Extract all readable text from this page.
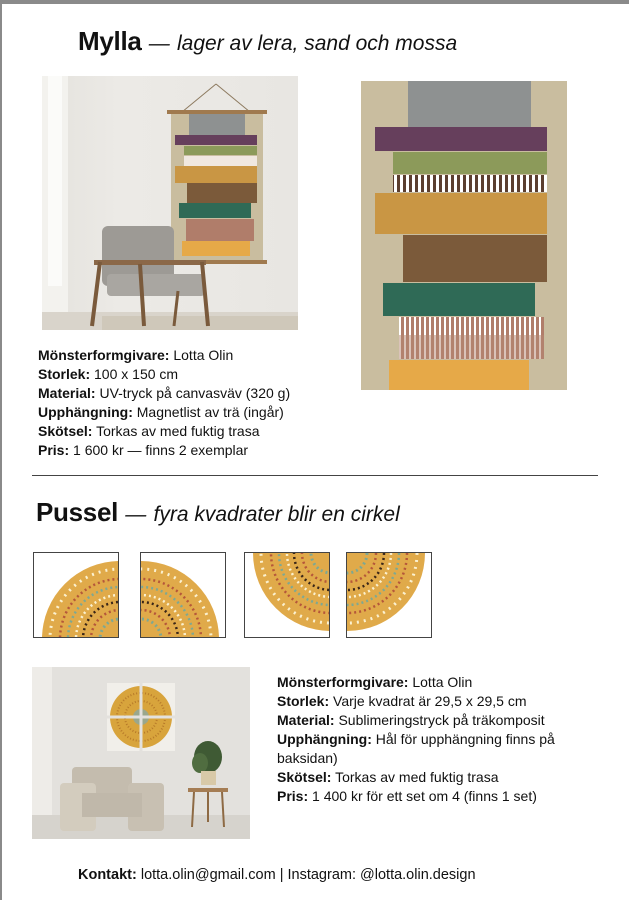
Mylla — lager av lera, sand och mossa
Mönsterformgivare: Lotta Olin
Storlek: 100 x 150 cm
Material: UV-tryck på canvasväv (320 g)
Upphängning: Magnetlist av trä (ingår)
Skötsel: Torkas av med fuktig trasa
Pris: 1 600 kr — finns 2 exemplar
Pussel — fyra kvadrater blir en cirkel
Mönsterformgivare: Lotta Olin
Storlek: Varje kvadrat är 29,5 x 29,5 cm
Material: Sublimeringstryck på träkomposit
Upphängning: Hål för upphängning finns på baksidan)
Skötsel: Torkas av med fuktig trasa
Pris: 1 400 kr för ett set om 4 (finns 1 set)
Kontakt: lotta.olin@gmail.com | Instagram: @lotta.olin.design
